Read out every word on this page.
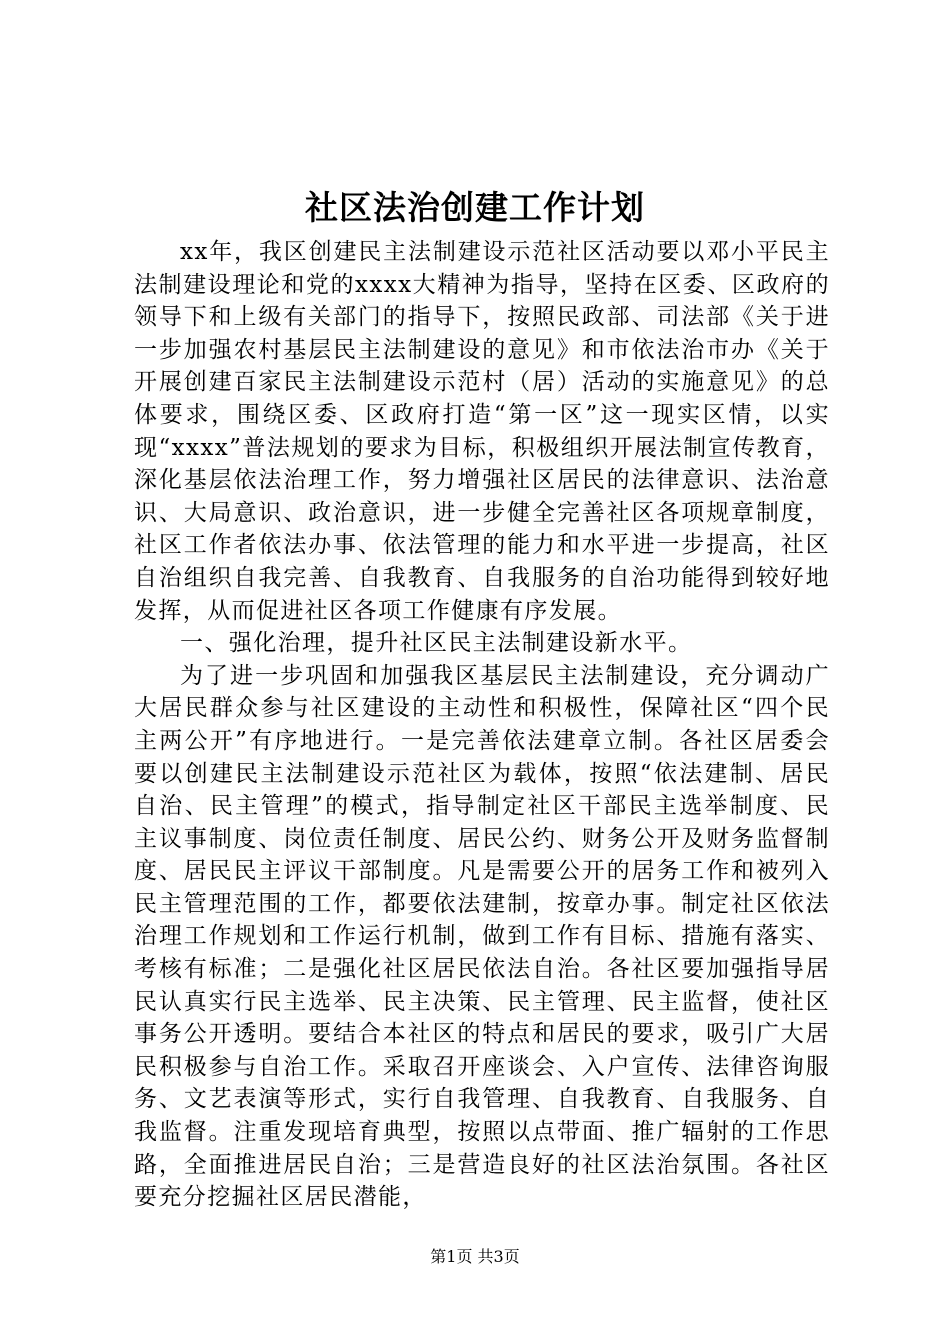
社区法治创建工作计划

xx年，我区创建民主法制建设示范社区活动要以邓小平民主法制建设理论和党的xxxx大精神为指导，坚持在区委、区政府的领导下和上级有关部门的指导下，按照民政部、司法部《关于进一步加强农村基层民主法制建设的意见》和市依法治市办《关于开展创建百家民主法制建设示范村（居）活动的实施意见》的总体要求，围绕区委、区政府打造“第一区”这一现实区情，以实现“xxxx”普法规划的要求为目标，积极组织开展法制宣传教育，深化基层依法治理工作，努力增强社区居民的法律意识、法治意识、大局意识、政治意识，进一步健全完善社区各项规章制度，社区工作者依法办事、依法管理的能力和水平进一步提高，社区自治组织自我完善、自我教育、自我服务的自治功能得到较好地发挥，从而促进社区各项工作健康有序发展。

一、强化治理，提升社区民主法制建设新水平。

为了进一步巩固和加强我区基层民主法制建设，充分调动广大居民群众参与社区建设的主动性和积极性，保障社区“四个民主两公开”有序地进行。一是完善依法建章立制。各社区居委会要以创建民主法制建设示范社区为载体，按照“依法建制、居民自治、民主管理”的模式，指导制定社区干部民主选举制度、民主议事制度、岗位责任制度、居民公约、财务公开及财务监督制度、居民民主评议干部制度。凡是需要公开的居务工作和被列入民主管理范围的工作，都要依法建制，按章办事。制定社区依法治理工作规划和工作运行机制，做到工作有目标、措施有落实、考核有标准；二是强化社区居民依法自治。各社区要加强指导居民认真实行民主选举、民主决策、民主管理、民主监督，使社区事务公开透明。要结合本社区的特点和居民的要求，吸引广大居民积极参与自治工作。采取召开座谈会、入户宣传、法律咨询服务、文艺表演等形式，实行自我管理、自我教育、自我服务、自我监督。注重发现培育典型，按照以点带面、推广辐射的工作思路，全面推进居民自治；三是营造良好的社区法治氛围。各社区要充分挖掘社区居民潜能，

第1页 共3页
